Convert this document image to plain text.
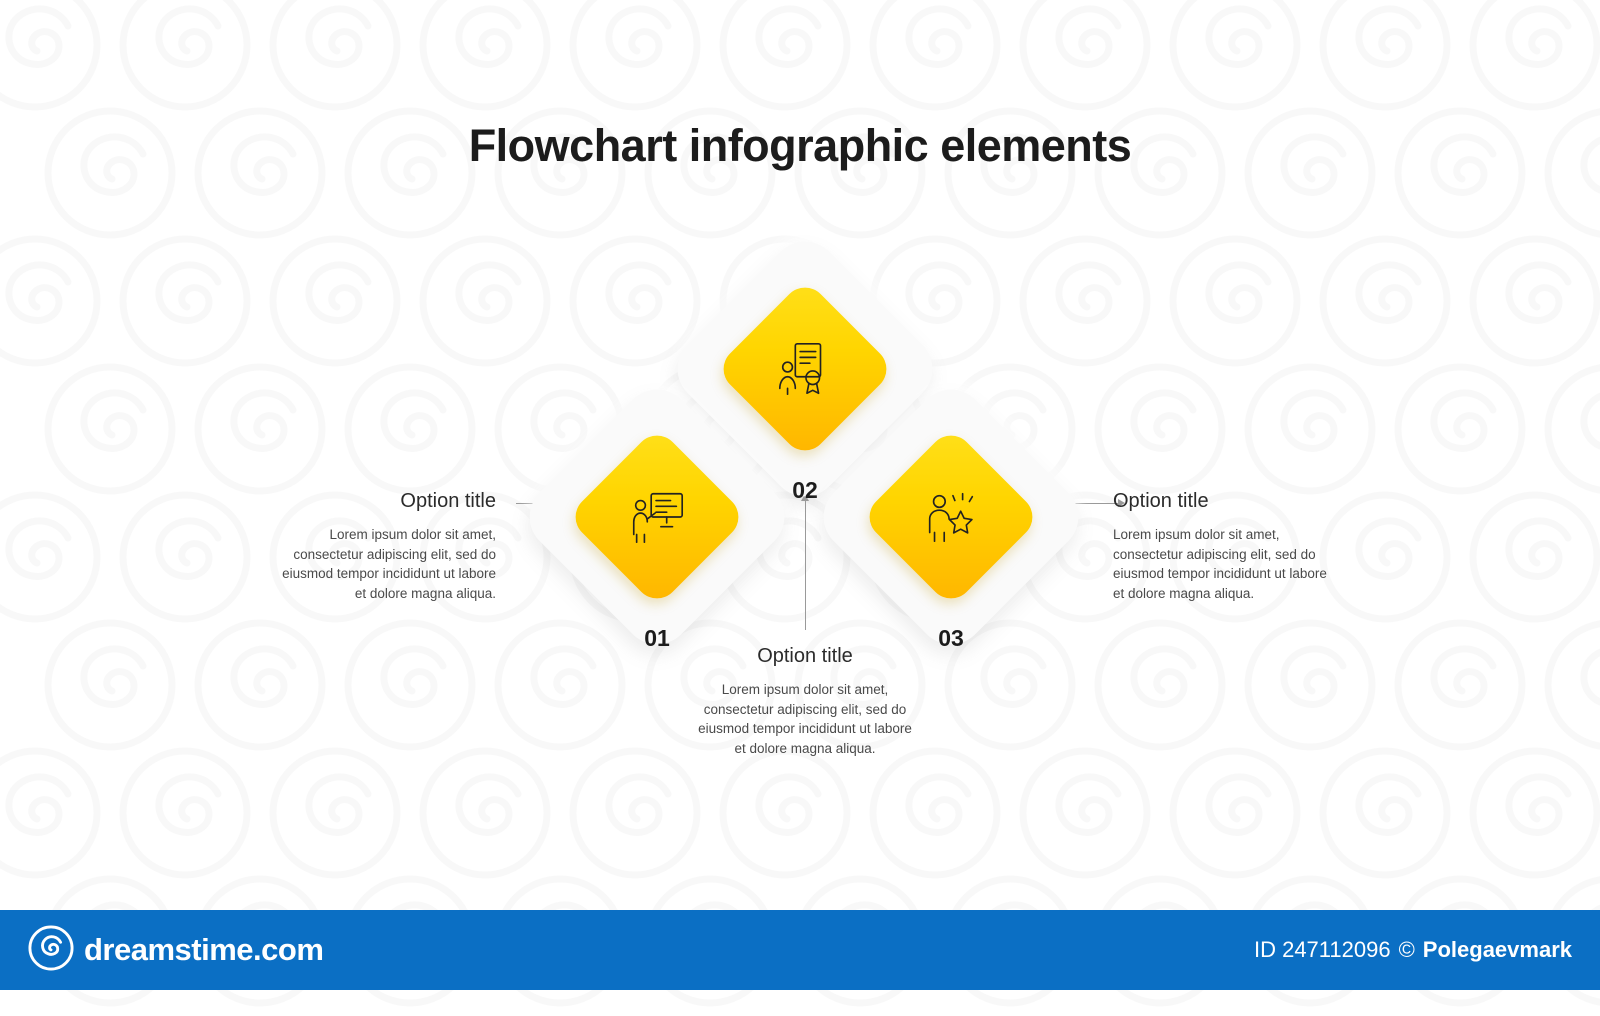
Flowchart infographic elements
02
01	03
Option title
Lorem ipsum dolor sit amet, consectetur adipiscing elit, sed do eiusmod tempor incididunt ut labore et dolore magna aliqua.
Option title
Lorem ipsum dolor sit amet, consectetur adipiscing elit, sed do eiusmod tempor incididunt ut labore et dolore magna aliqua.
Option title
Lorem ipsum dolor sit amet, consectetur adipiscing elit, sed do eiusmod tempor incididunt ut labore et dolore magna aliqua.
dreamstime.com	ID 247112096 © Polegaevmark
